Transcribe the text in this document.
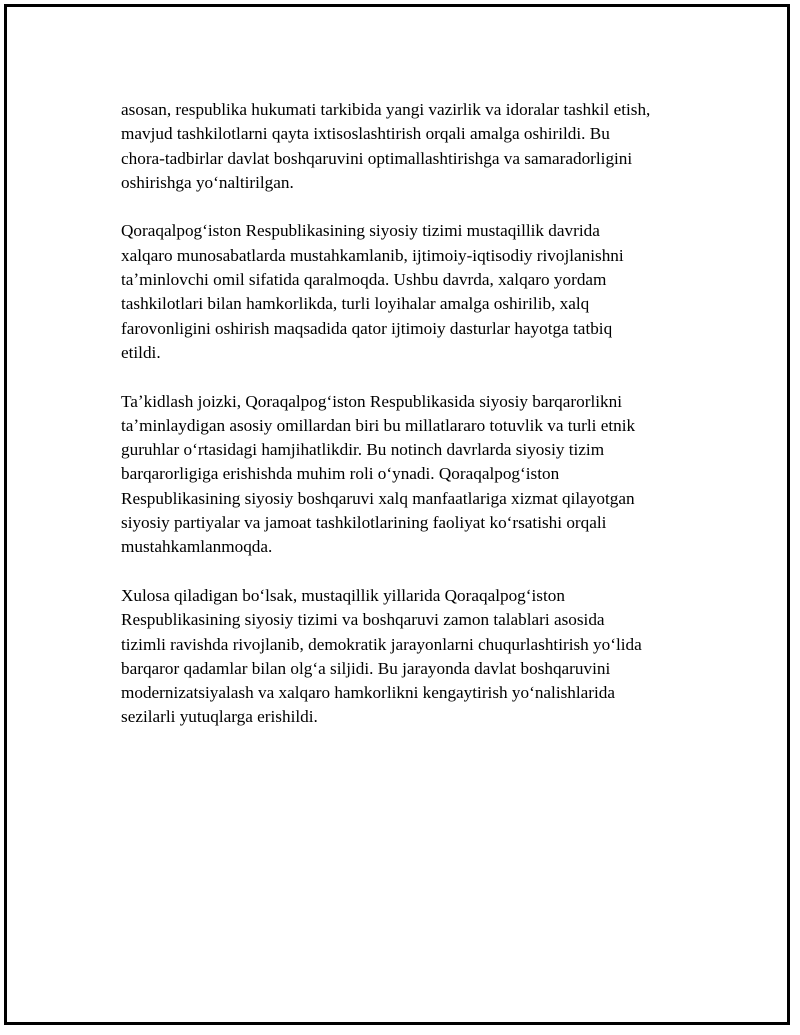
asosan, respublika hukumati tarkibida yangi vazirlik va idoralar tashkil etish,
mavjud tashkilotlarni qayta ixtisoslashtirish orqali amalga oshirildi. Bu
chora-tadbirlar davlat boshqaruvini optimallashtirishga va samaradorligini
oshirishga yoʻnaltirilgan.

Qoraqalpogʻiston Respublikasining siyosiy tizimi mustaqillik davrida
xalqaro munosabatlarda mustahkamlanib, ijtimoiy-iqtisodiy rivojlanishni
taʼminlovchi omil sifatida qaralmoqda. Ushbu davrda, xalqaro yordam
tashkilotlari bilan hamkorlikda, turli loyihalar amalga oshirilib, xalq
farovonligini oshirish maqsadida qator ijtimoiy dasturlar hayotga tatbiq
etildi.

Taʼkidlash joizki, Qoraqalpogʻiston Respublikasida siyosiy barqarorlikni
taʼminlaydigan asosiy omillardan biri bu millatlararo totuvlik va turli etnik
guruhlar oʻrtasidagi hamjihatlikdir. Bu notinch davrlarda siyosiy tizim
barqarorligiga erishishda muhim roli oʻynadi. Qoraqalpogʻiston
Respublikasining siyosiy boshqaruvi xalq manfaatlariga xizmat qilayotgan
siyosiy partiyalar va jamoat tashkilotlarining faoliyat koʻrsatishi orqali
mustahkamlanmoqda.

Xulosa qiladigan boʻlsak, mustaqillik yillarida Qoraqalpogʻiston
Respublikasining siyosiy tizimi va boshqaruvi zamon talablari asosida
tizimli ravishda rivojlanib, demokratik jarayonlarni chuqurlashtirish yoʻlida
barqaror qadamlar bilan olgʻa siljidi. Bu jarayonda davlat boshqaruvini
modernizatsiyalash va xalqaro hamkorlikni kengaytirish yoʻnalishlarida
sezilarli yutuqlarga erishildi.
